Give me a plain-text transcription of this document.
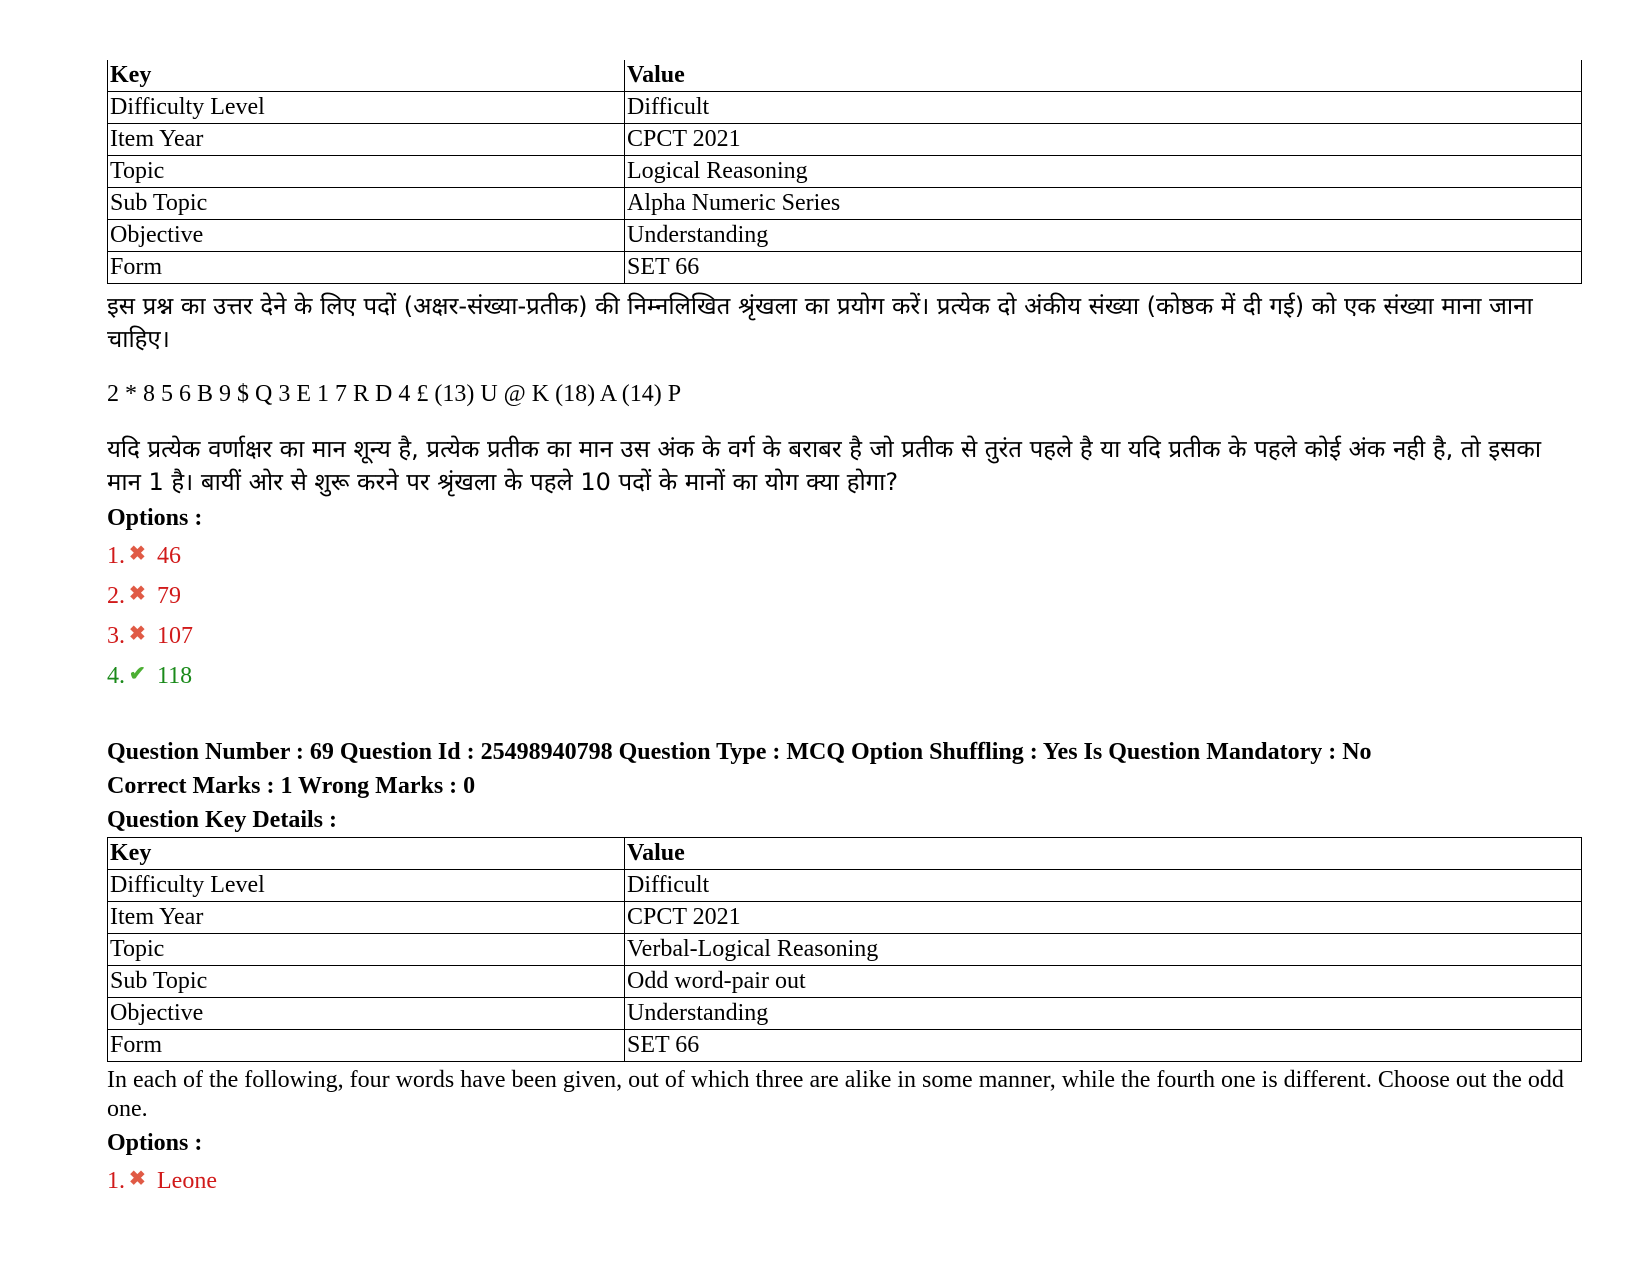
Key	Value
Difficulty Level	Difficult
Item Year	CPCT 2021
Topic	Logical Reasoning
Sub Topic	Alpha Numeric Series
Objective	Understanding
Form	SET 66
इस प्रश्न का उत्तर देने के लिए पदों (अक्षर-संख्या-प्रतीक) की निम्नलिखित श्रृंखला का प्रयोग करें। प्रत्येक दो अंकीय संख्या (कोष्ठक में दी गई) को एक संख्या माना जाना चाहिए।

2 * 8 5 6 B 9 $ Q 3 E 1 7 R D 4 £ (13) U @ K (18) A (14) P

यदि प्रत्येक वर्णाक्षर का मान शून्य है, प्रत्येक प्रतीक का मान उस अंक के वर्ग के बराबर है जो प्रतीक से तुरंत पहले है या यदि प्रतीक के पहले कोई अंक नही है, तो इसका मान 1 है। बायीं ओर से शुरू करने पर श्रृंखला के पहले 10 पदों के मानों का योग क्या होगा?
Options :
1. ✖ 46
2. ✖ 79
3. ✖ 107
4. ✔ 118
Question Number : 69 Question Id : 25498940798 Question Type : MCQ Option Shuffling : Yes Is Question Mandatory : No
Correct Marks : 1 Wrong Marks : 0
Question Key Details :
Key	Value
Difficulty Level	Difficult
Item Year	CPCT 2021
Topic	Verbal-Logical Reasoning
Sub Topic	Odd word-pair out
Objective	Understanding
Form	SET 66
In each of the following, four words have been given, out of which three are alike in some manner, while the fourth one is different. Choose out the odd one.
Options :
1. ✖ Leone
